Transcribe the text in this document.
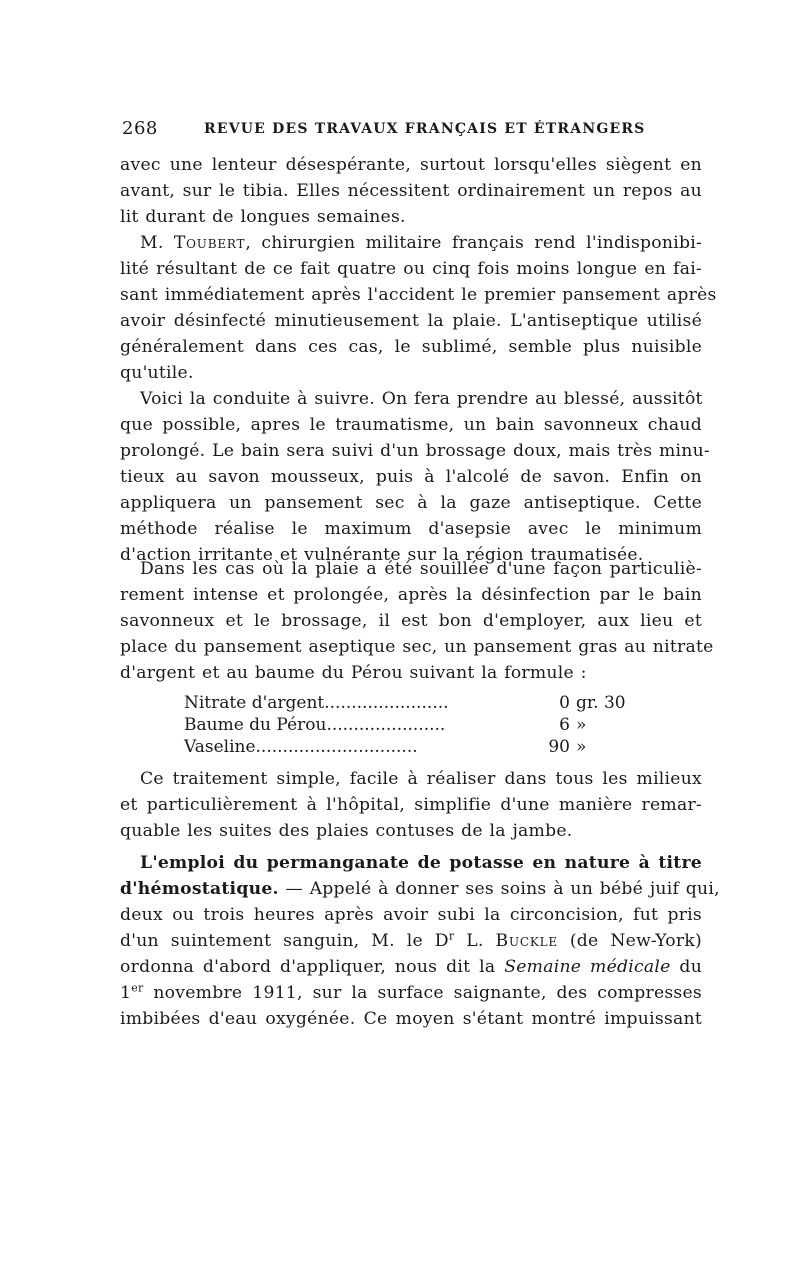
268	REVUE DES TRAVAUX FRANÇAIS ET ÉTRANGERS
avec une lenteur désespérante, surtout lorsqu'elles siègent en
avant, sur le tibia. Elles nécessitent ordinairement un repos au
lit durant de longues semaines.
M. Toubert, chirurgien militaire français rend l'indisponibi-
lité résultant de ce fait quatre ou cinq fois moins longue en fai-
sant immédiatement après l'accident le premier pansement après
avoir désinfecté minutieusement la plaie. L'antiseptique utilisé
généralement dans ces cas, le sublimé, semble plus nuisible
qu'utile.
Voici la conduite à suivre. On fera prendre au blessé, aussitôt
que possible, apres le traumatisme, un bain savonneux chaud
prolongé. Le bain sera suivi d'un brossage doux, mais très minu-
tieux au savon mousseux, puis à l'alcolé de savon. Enfin on
appliquera un pansement sec à la gaze antiseptique. Cette
méthode réalise le maximum d'asepsie avec le minimum
d'action irritante et vulnérante sur la région traumatisée.
Dans les cas où la plaie a été souillée d'une façon particuliè-
rement intense et prolongée, après la désinfection par le bain
savonneux et le brossage, il est bon d'employer, aux lieu et
place du pansement aseptique sec, un pansement gras au nitrate
d'argent et au baume du Pérou suivant la formule :
Nitrate d'argent.......................	0 gr. 30
Baume du Pérou......................	6 »
Vaseline..............................	90 »
Ce traitement simple, facile à réaliser dans tous les milieux
et particulièrement à l'hôpital, simplifie d'une manière remar-
quable les suites des plaies contuses de la jambe.
L'emploi du permanganate de potasse en nature à titre
d'hémostatique. — Appelé à donner ses soins à un bébé juif qui,
deux ou trois heures après avoir subi la circoncision, fut pris
d'un suintement sanguin, M. le $D^r$ L. Buckle (de New-York)
ordonna d'abord d'appliquer, nous dit la Semaine médicale du
1er novembre 1911, sur la surface saignante, des compresses
imbibées d'eau oxygénée. Ce moyen s'étant montré impuissant
